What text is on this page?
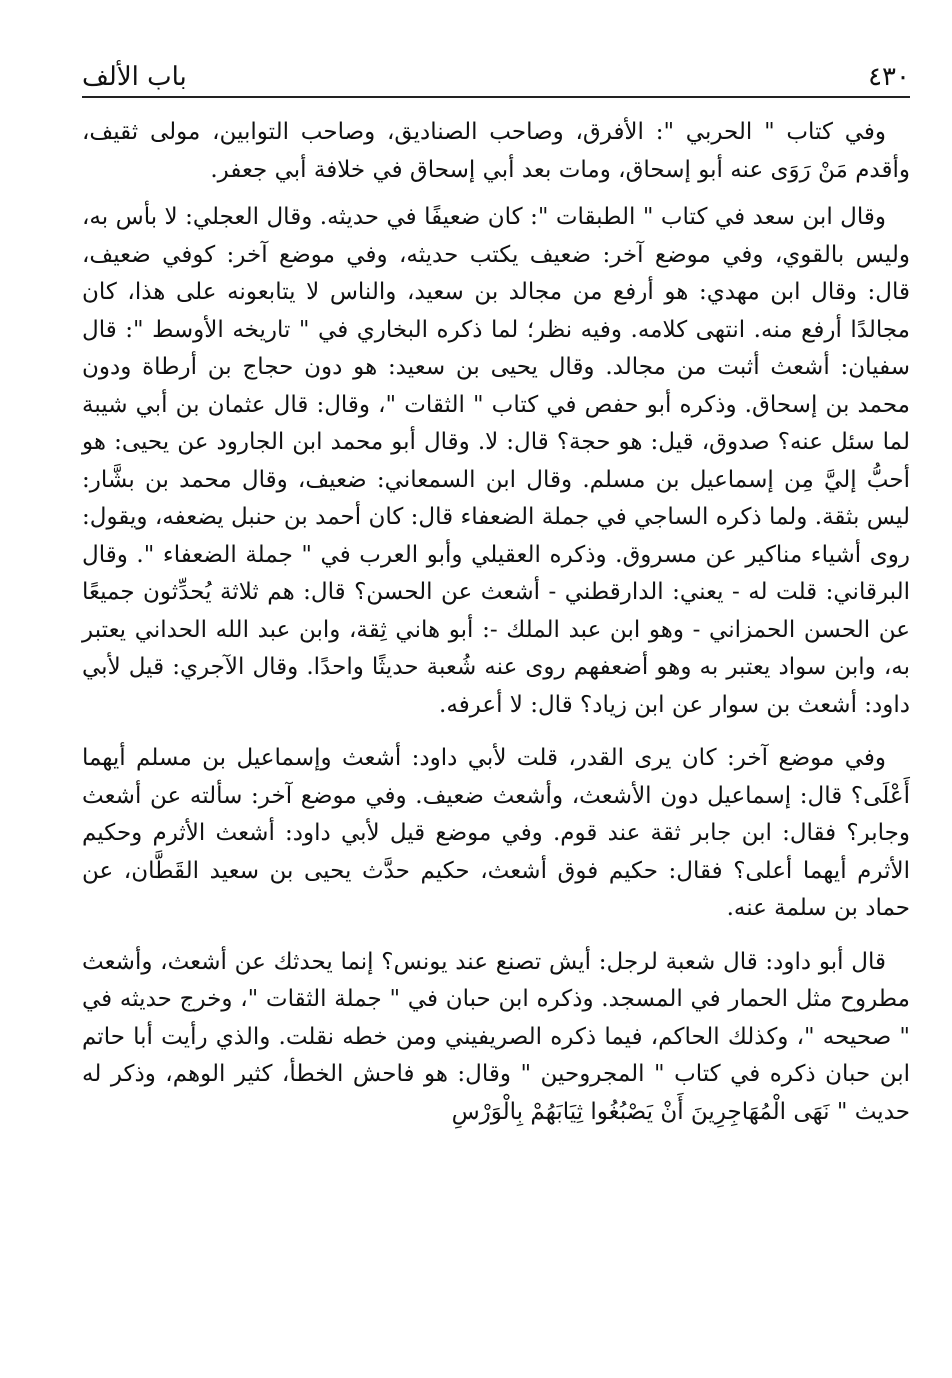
٤٣٠
باب الألف

وفي كتاب " الحربي ": الأفرق، وصاحب الصناديق، وصاحب التوابين، مولى ثقيف، وأقدم مَنْ رَوَى عنه أبو إسحاق، ومات بعد أبي إسحاق في خلافة أبي جعفر.

وقال ابن سعد في كتاب " الطبقات ": كان ضعيفًا في حديثه. وقال العجلي: لا بأس به، وليس بالقوي، وفي موضع آخر: ضعيف يكتب حديثه، وفي موضع آخر: كوفي ضعيف، قال: وقال ابن مهدي: هو أرفع من مجالد بن سعيد، والناس لا يتابعونه على هذا، كان مجالدًا أرفع منه. انتهى كلامه. وفيه نظر؛ لما ذكره البخاري في " تاريخه الأوسط ": قال سفيان: أشعث أثبت من مجالد. وقال يحيى بن سعيد: هو دون حجاج بن أرطاة ودون محمد بن إسحاق. وذكره أبو حفص في كتاب " الثقات "، وقال: قال عثمان بن أبي شيبة لما سئل عنه؟ صدوق، قيل: هو حجة؟ قال: لا. وقال أبو محمد ابن الجارود عن يحيى: هو أحبُّ إليَّ مِن إسماعيل بن مسلم. وقال ابن السمعاني: ضعيف، وقال محمد بن بشَّار: ليس بثقة. ولما ذكره الساجي في جملة الضعفاء قال: كان أحمد بن حنبل يضعفه، ويقول: روى أشياء مناكير عن مسروق. وذكره العقيلي وأبو العرب في " جملة الضعفاء ". وقال البرقاني: قلت له - يعني: الدارقطني - أشعث عن الحسن؟ قال: هم ثلاثة يُحدِّثون جميعًا عن الحسن الحمزاني - وهو ابن عبد الملك -: أبو هاني ثِقة، وابن عبد الله الحداني يعتبر به، وابن سواد يعتبر به وهو أضعفهم روى عنه شُعبة حديثًا واحدًا. وقال الآجري: قيل لأبي داود: أشعث بن سوار عن ابن زياد؟ قال: لا أعرفه.

وفي موضع آخر: كان يرى القدر، قلت لأبي داود: أشعث وإسماعيل بن مسلم أيهما أَعْلَى؟ قال: إسماعيل دون الأشعث، وأشعث ضعيف. وفي موضع آخر: سألته عن أشعث وجابر؟ فقال: ابن جابر ثقة عند قوم. وفي موضع قيل لأبي داود: أشعث الأثرم وحكيم الأثرم أيهما أعلى؟ فقال: حكيم فوق أشعث، حكيم حدَّث يحيى بن سعيد القَطَّان، عن حماد بن سلمة عنه.

قال أبو داود: قال شعبة لرجل: أيش تصنع عند يونس؟ إنما يحدثك عن أشعث، وأشعث مطروح مثل الحمار في المسجد. وذكره ابن حبان في " جملة الثقات "، وخرج حديثه في " صحيحه "، وكذلك الحاكم، فيما ذكره الصريفيني ومن خطه نقلت. والذي رأيت أبا حاتم ابن حبان ذكره في كتاب " المجروحين " وقال: هو فاحش الخطأ، كثير الوهم، وذكر له حديث " نَهَى الْمُهَاجِرِينَ أَنْ يَصْبُغُوا ثِيَابَهُمْ بِالْوَرْسِ
